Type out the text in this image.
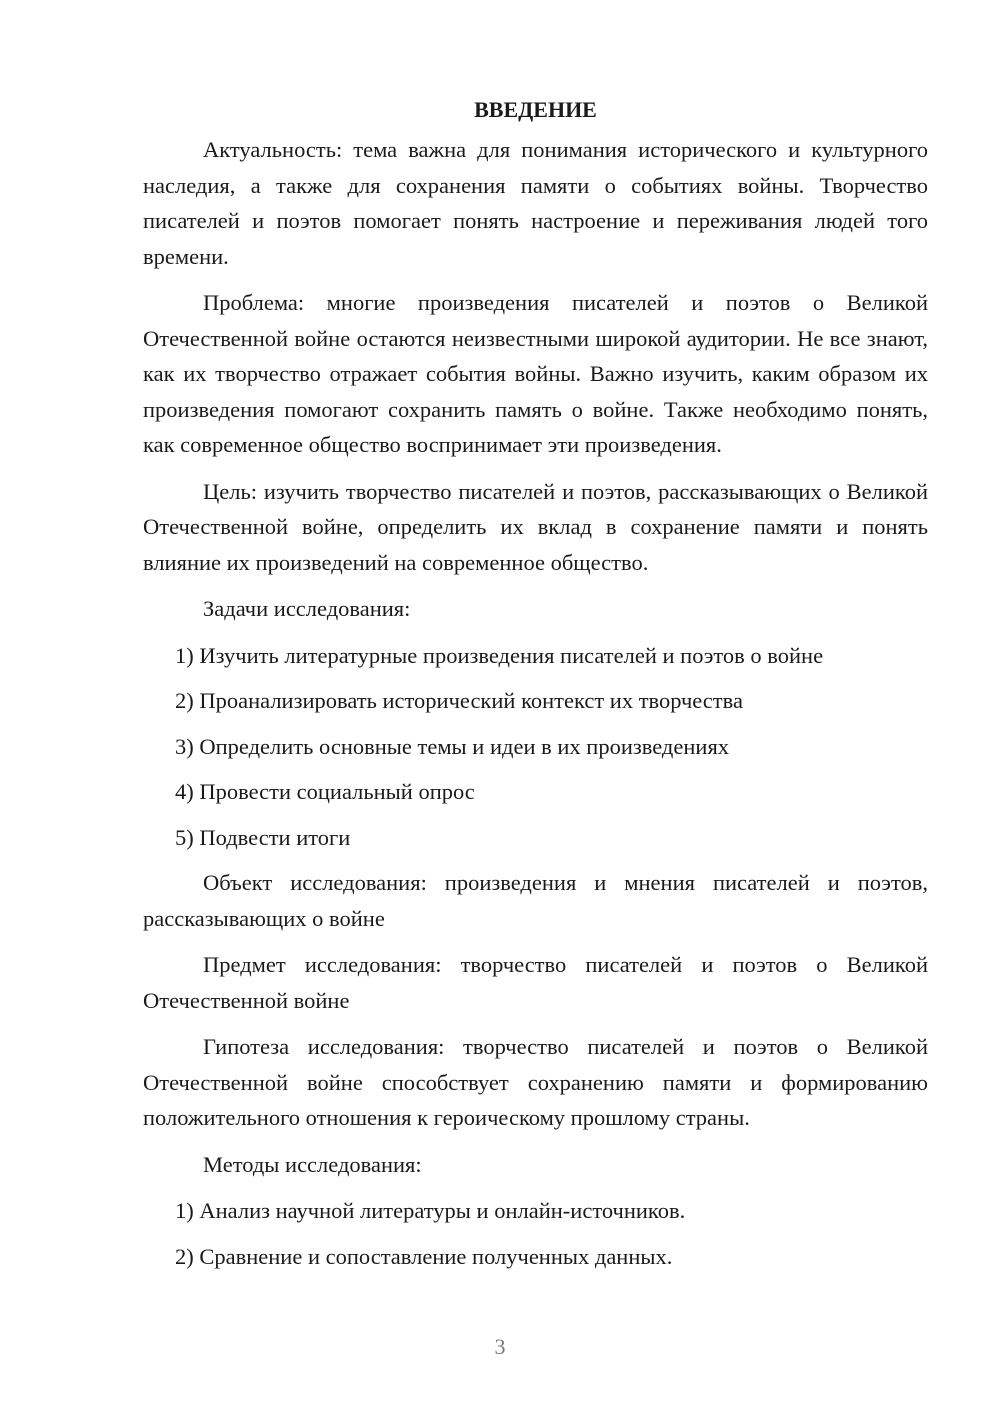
ВВЕДЕНИЕ

Актуальность: тема важна для понимания исторического и культурного наследия, а также для сохранения памяти о событиях войны. Творчество писателей и поэтов помогает понять настроение и переживания людей того времени.

Проблема: многие произведения писателей и поэтов о Великой Отечественной войне остаются неизвестными широкой аудитории. Не все знают, как их творчество отражает события войны. Важно изучить, каким образом их произведения помогают сохранить память о войне. Также необходимо понять, как современное общество воспринимает эти произведения.

Цель: изучить творчество писателей и поэтов, рассказывающих о Великой Отечественной войне, определить их вклад в сохранение памяти и понять влияние их произведений на современное общество.

Задачи исследования:

1) Изучить литературные произведения писателей и поэтов о войне
2) Проанализировать исторический контекст их творчества
3) Определить основные темы и идеи в их произведениях
4) Провести социальный опрос
5) Подвести итоги

Объект исследования: произведения и мнения писателей и поэтов, рассказывающих о войне

Предмет исследования: творчество писателей и поэтов о Великой Отечественной войне

Гипотеза исследования: творчество писателей и поэтов о Великой Отечественной войне способствует сохранению памяти и формированию положительного отношения к героическому прошлому страны.

Методы исследования:

1) Анализ научной литературы и онлайн-источников.
2) Сравнение и сопоставление полученных данных.
3
